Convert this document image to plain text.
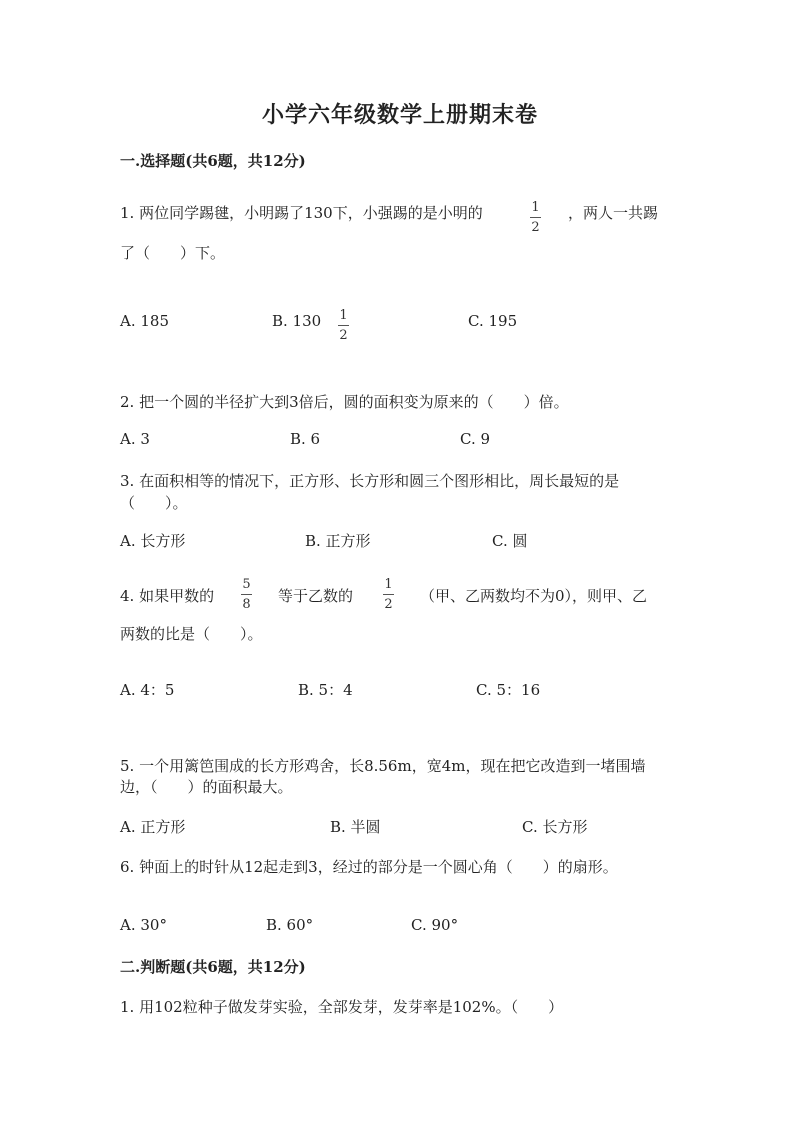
小学六年级数学上册期末卷
一.选择题(共6题，共12分)
1. 两位同学踢毽，小明踢了130下，小强踢的是小明的	1
2
，两人一共踢
了（　　）下。
A. 185	B. 130 1
2
C. 195
2. 把一个圆的半径扩大到3倍后，圆的面积变为原来的（　　）倍。
A. 3	B. 6	C. 9
3. 在面积相等的情况下，正方形、长方形和圆三个图形相比，周长最短的是
（　　）。
A. 长方形	B. 正方形	C. 圆
4. 如果甲数的
5
8 等于乙数的
1
2 （甲、乙两数均不为0），则甲、乙
两数的比是（　　）。
A. 4：5	B. 5：4	C. 5：16
5. 一个用篱笆围成的长方形鸡舍，长8.56m，宽4m，现在把它改造到一堵围墙
边，（　　）的面积最大。
A. 正方形	B. 半圆	C. 长方形
6. 钟面上的时针从12起走到3，经过的部分是一个圆心角（　　）的扇形。
A. 30°	B. 60°	C. 90°
二.判断题(共6题，共12分)
1. 用102粒种子做发芽实验，全部发芽，发芽率是102%。（　　）
